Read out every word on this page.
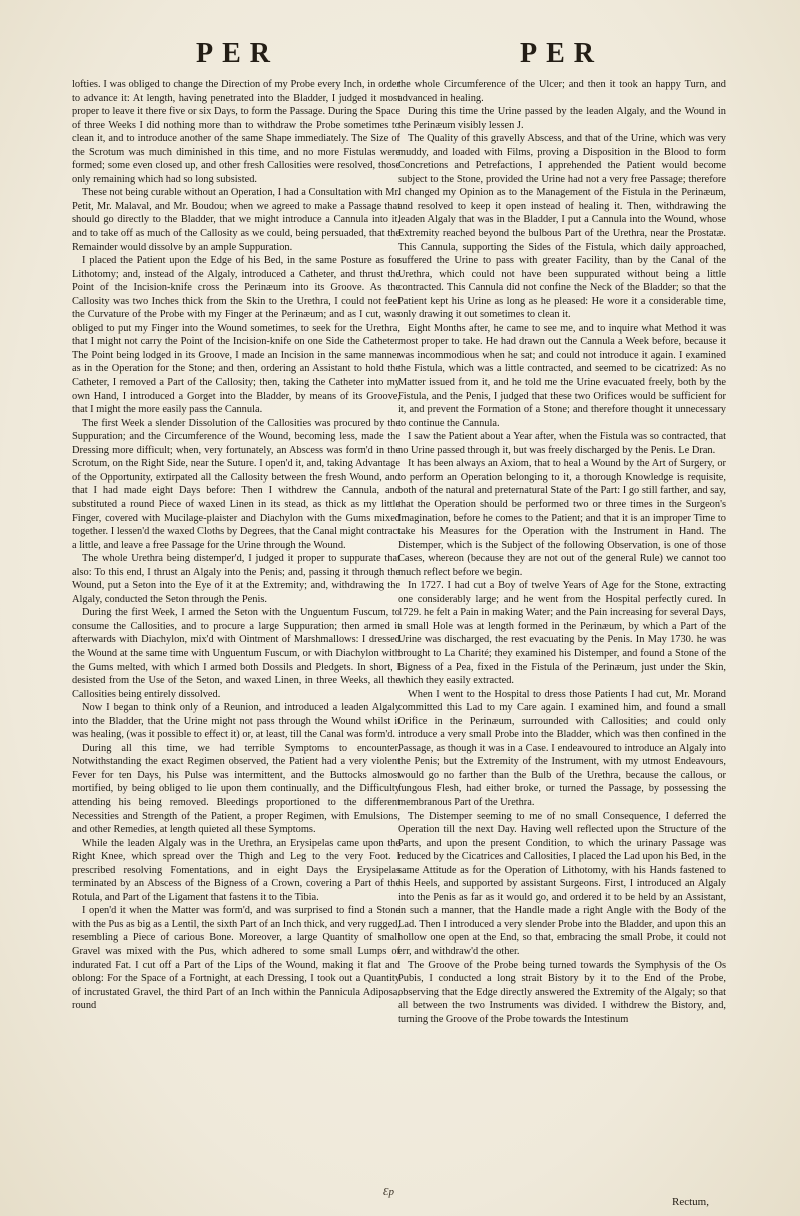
PER	PER

lofties. I was obliged to change the Direction of my Probe every Inch, in order to advance it: At length, having penetrated into the Bladder, I judged it most proper to leave it there five or six Days, to form the Passage. During the Space of three Weeks I did nothing more than to withdraw the Probe sometimes to clean it, and to introduce another of the same Shape immediately. The Size of the Scrotum was much diminished in this time, and no more Fistulas were formed; some even closed up, and other fresh Callosities were resolved, those only remaining which had so long subsisted.

These not being curable without an Operation, I had a Consultation with Mr. Petit, Mr. Malaval, and Mr. Boudou; when we agreed to make a Passage that should go directly to the Bladder, that we might introduce a Cannula into it, and to take off as much of the Callosity as we could, being persuaded, that the Remainder would dissolve by an ample Suppuration.

I placed the Patient upon the Edge of his Bed, in the same Posture as for Lithotomy; and, instead of the Algaly, introduced a Catheter, and thrust the Point of the Incision-knife cross the Perinæum into its Groove. As the Callosity was two Inches thick from the Skin to the Urethra, I could not feel the Curvature of the Probe with my Finger at the Perinæum; and as I cut, was obliged to put my Finger into the Wound sometimes, to seek for the Urethra, that I might not carry the Point of the Incision-knife on one Side the Catheter. The Point being lodged in its Groove, I made an Incision in the same manner as in the Operation for the Stone; and then, ordering an Assistant to hold the Catheter, I removed a Part of the Callosity; then, taking the Catheter into my own Hand, I introduced a Gorget into the Bladder, by means of its Groove, that I might the more easily pass the Cannula.

The first Week a slender Dissolution of the Callosities was procured by the Suppuration; and the Circumference of the Wound, becoming less, made the Dressing more difficult; when, very fortunately, an Abscess was form'd in the Scrotum, on the Right Side, near the Suture. I open'd it, and, taking Advantage of the Opportunity, extirpated all the Callosity between the fresh Wound, and that I had made eight Days before: Then I withdrew the Cannula, and substituted a round Piece of waxed Linen in its stead, as thick as my little Finger, covered with Mucilage-plaister and Diachylon with the Gums mixed together. I lessen'd the waxed Cloths by Degrees, that the Canal might contract a little, and leave a free Passage for the Urine through the Wound.

The whole Urethra being distemper'd, I judged it proper to suppurate that also: To this end, I thrust an Algaly into the Penis; and, passing it through the Wound, put a Seton into the Eye of it at the Extremity; and, withdrawing the Algaly, conducted the Seton through the Penis.

During the first Week, I armed the Seton with the Unguentum Fuscum, to consume the Callosities, and to procure a large Suppuration; then armed it afterwards with Diachylon, mix'd with Ointment of Marshmallows: I dressed the Wound at the same time with Unguentum Fuscum, or with Diachylon with the Gums melted, with which I armed both Dossils and Pledgets. In short, I desisted from the Use of the Seton, and waxed Linen, in three Weeks, all the Callosities being entirely dissolved.

Now I began to think only of a Reunion, and introduced a leaden Algaly into the Bladder, that the Urine might not pass through the Wound whilst it was healing, (was it possible to effect it) or, at least, till the Canal was form'd.

During all this time, we had terrible Symptoms to encounter. Notwithstanding the exact Regimen observed, the Patient had a very violent Fever for ten Days, his Pulse was intermittent, and the Buttocks almost mortified, by being obliged to lie upon them continually, and the Difficulty attending his being removed. Bleedings proportioned to the different Necessities and Strength of the Patient, a proper Regimen, with Emulsions, and other Remedies, at length quieted all these Symptoms.

While the leaden Algaly was in the Urethra, an Erysipelas came upon the Right Knee, which spread over the Thigh and Leg to the very Foot. I prescribed resolving Fomentations, and in eight Days the Erysipelas terminated by an Abscess of the Bigness of a Crown, covering a Part of the Rotula, and Part of the Ligament that fastens it to the Tibia.

I open'd it when the Matter was form'd, and was surprised to find a Stone with the Pus as big as a Lentil, the sixth Part of an Inch thick, and very rugged, resembling a Piece of carious Bone. Moreover, a large Quantity of small Gravel was mixed with the Pus, which adhered to some small Lumps of indurated Fat. I cut off a Part of the Lips of the Wound, making it flat and oblong: For the Space of a Fortnight, at each Dressing, I took out a Quantity of incrustated Gravel, the third Part of an Inch within the Pannicula Adiposa, round

the whole Circumference of the Ulcer; and then it took an happy Turn, and advanced in healing.

During this time the Urine passed by the leaden Algaly, and the Wound in the Perinæum visibly lessen J.

The Quality of this gravelly Abscess, and that of the Urine, which was very muddy, and loaded with Films, proving a Disposition in the Blood to form Concretions and Petrefactions, I apprehended the Patient would become subject to the Stone, provided the Urine had not a very free Passage; therefore I changed my Opinion as to the Management of the Fistula in the Perinæum, and resolved to keep it open instead of healing it. Then, withdrawing the leaden Algaly that was in the Bladder, I put a Cannula into the Wound, whose Extremity reached beyond the bulbous Part of the Urethra, near the Prostatæ. This Cannula, supporting the Sides of the Fistula, which daily approached, suffered the Urine to pass with greater Facility, than by the Canal of the Urethra, which could not have been suppurated without being a little contracted. This Cannula did not confine the Neck of the Bladder; so that the Patient kept his Urine as long as he pleased: He wore it a considerable time, only drawing it out sometimes to clean it.

Eight Months after, he came to see me, and to inquire what Method it was most proper to take. He had drawn out the Cannula a Week before, because it was incommodious when he sat; and could not introduce it again. I examined the Fistula, which was a little contracted, and seemed to be cicatrized: As no Matter issued from it, and he told me the Urine evacuated freely, both by the Fistula, and the Penis, I judged that these two Orifices would be sufficient for it, and prevent the Formation of a Stone; and therefore thought it unnecessary to continue the Cannula.

I saw the Patient about a Year after, when the Fistula was so contracted, that no Urine passed through it, but was freely discharged by the Penis. Le Dran.

It has been always an Axiom, that to heal a Wound by the Art of Surgery, or to perform an Operation belonging to it, a thorough Knowledge is requisite, both of the natural and preternatural State of the Part: I go still farther, and say, that the Operation should be performed two or three times in the Surgeon's Imagination, before he comes to the Patient; and that it is an improper Time to take his Measures for the Operation with the Instrument in Hand. The Distemper, which is the Subject of the following Observation, is one of those Cases, whereon (because they are not out of the general Rule) we cannot too much reflect before we begin.

In 1727. I had cut a Boy of twelve Years of Age for the Stone, extracting one considerably large; and he went from the Hospital perfectly cured. In 1729. he felt a Pain in making Water; and the Pain increasing for several Days, a small Hole was at length formed in the Perinæum, by which a Part of the Urine was discharged, the rest evacuating by the Penis. In May 1730. he was brought to La Charité; they examined his Distemper, and found a Stone of the Bigness of a Pea, fixed in the Fistula of the Perinæum, just under the Skin, which they easily extracted.

When I went to the Hospital to dress those Patients I had cut, Mr. Morand committed this Lad to my Care again. I examined him, and found a small Orifice in the Perinæum, surrounded with Callosities; and could only introduce a very small Probe into the Bladder, which was then confined in the Passage, as though it was in a Case. I endeavoured to introduce an Algaly into the Penis; but the Extremity of the Instrument, with my utmost Endeavours, would go no farther than the Bulb of the Urethra, because the callous, or fungous Flesh, had either broke, or turned the Passage, by possessing the membranous Part of the Urethra.

The Distemper seeming to me of no small Consequence, I deferred the Operation till the next Day. Having well reflected upon the Structure of the Parts, and upon the present Condition, to which the urinary Passage was reduced by the Cicatrices and Callosities, I placed the Lad upon his Bed, in the same Attitude as for the Operation of Lithotomy, with his Hands fastened to his Heels, and supported by assistant Surgeons. First, I introduced an Algaly into the Penis as far as it would go, and ordered it to be held by an Assistant, in such a manner, that the Handle made a right Angle with the Body of the Lad. Then I introduced a very slender Probe into the Bladder, and upon this an hollow one open at the End, so that, embracing the small Probe, it could not err, and withdraw'd the other.

The Groove of the Probe being turned towards the Symphysis of the Os Pubis, I conducted a long strait Bistory by it to the End of the Probe, observing that the Edge directly answered the Extremity of the Algaly; so that all between the two Instruments was divided. I withdrew the Bistory, and, turning the Groove of the Probe towards the Intestinum

Ɛp
Rectum,
